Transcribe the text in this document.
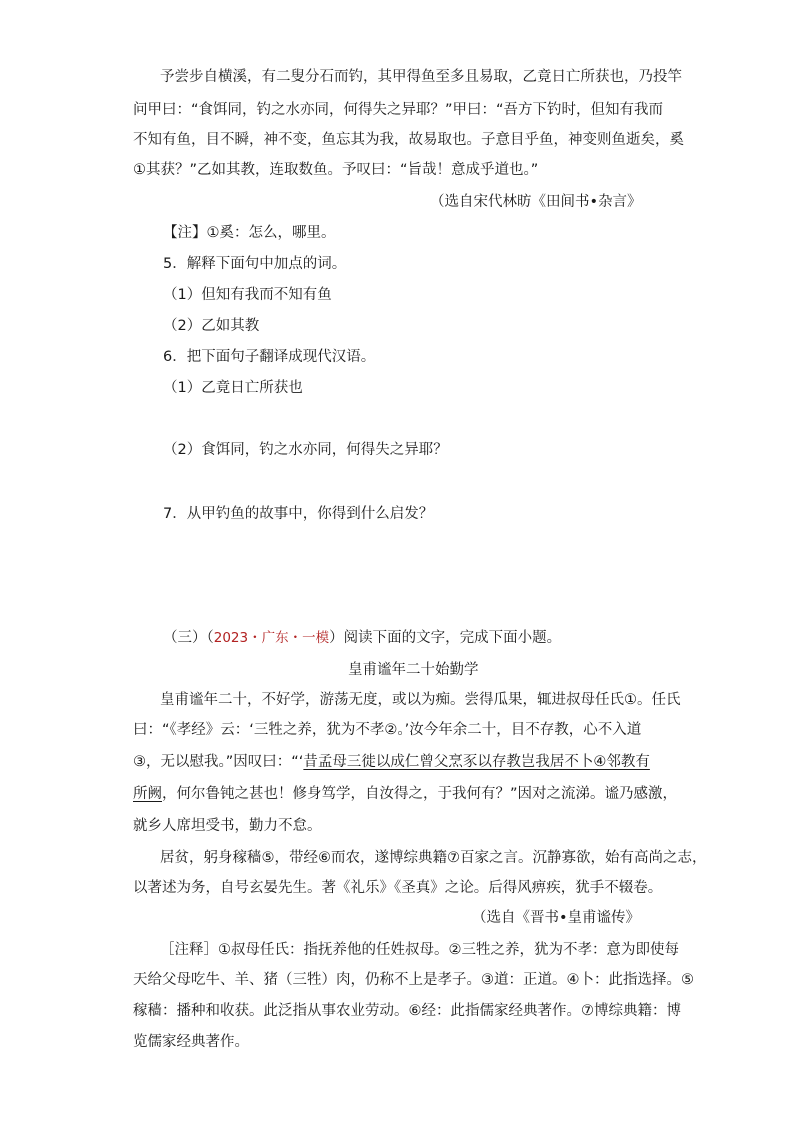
予尝步自横溪，有二叟分石而钓，其甲得鱼至多且易取，乙竟日亡所获也，乃投竿
问甲曰：“食饵同，钓之水亦同，何得失之异耶？”甲曰：“吾方下钓时，但知有我而
不知有鱼，目不瞬，神不变，鱼忘其为我，故易取也。子意目乎鱼，神变则鱼逝矣，奚
①其获？”乙如其教，连取数鱼。予叹曰：“旨哉！意成乎道也。”
（选自宋代林昉《田间书•杂言》
【注】①奚：怎么，哪里。
5．解释下面句中加点的词。
（1）但知有我而不知有鱼
（2）乙如其教
6．把下面句子翻译成现代汉语。
（1）乙竟日亡所获也
（2）食饵同，钓之水亦同，何得失之异耶？
7．从甲钓鱼的故事中，你得到什么启发？
（三）（2023・广东・一模）阅读下面的文字，完成下面小题。
皇甫谧年二十始勤学
皇甫谧年二十，不好学，游荡无度，或以为痴。尝得瓜果，辄进叔母任氏①。任氏
曰：“《孝经》云：‘三牲之养，犹为不孝②。’汝今年余二十，目不存教，心不入道
③，无以慰我。”因叹曰：“‘昔孟母三徙以成仁曾父烹豕以存教岂我居不卜④邻教有
所阙，何尔鲁钝之甚也！修身笃学，自汝得之，于我何有？”因对之流涕。谧乃感激，
就乡人席坦受书，勤力不怠。
居贫，躬身稼穑⑤，带经⑥而农，遂博综典籍⑦百家之言。沉静寡欲，始有高尚之志，
以著述为务，自号玄晏先生。著《礼乐》《圣真》之论。后得风痹疾，犹手不辍卷。
（选自《晋书•皇甫谧传》
［注释］①叔母任氏：指抚养他的任姓叔母。②三牲之养，犹为不孝：意为即使每
天给父母吃牛、羊、猪（三牲）肉，仍称不上是孝子。③道：正道。④卜：此指选择。⑤
稼穑：播种和收获。此泛指从事农业劳动。⑥经：此指儒家经典著作。⑦博综典籍：博
览儒家经典著作。
